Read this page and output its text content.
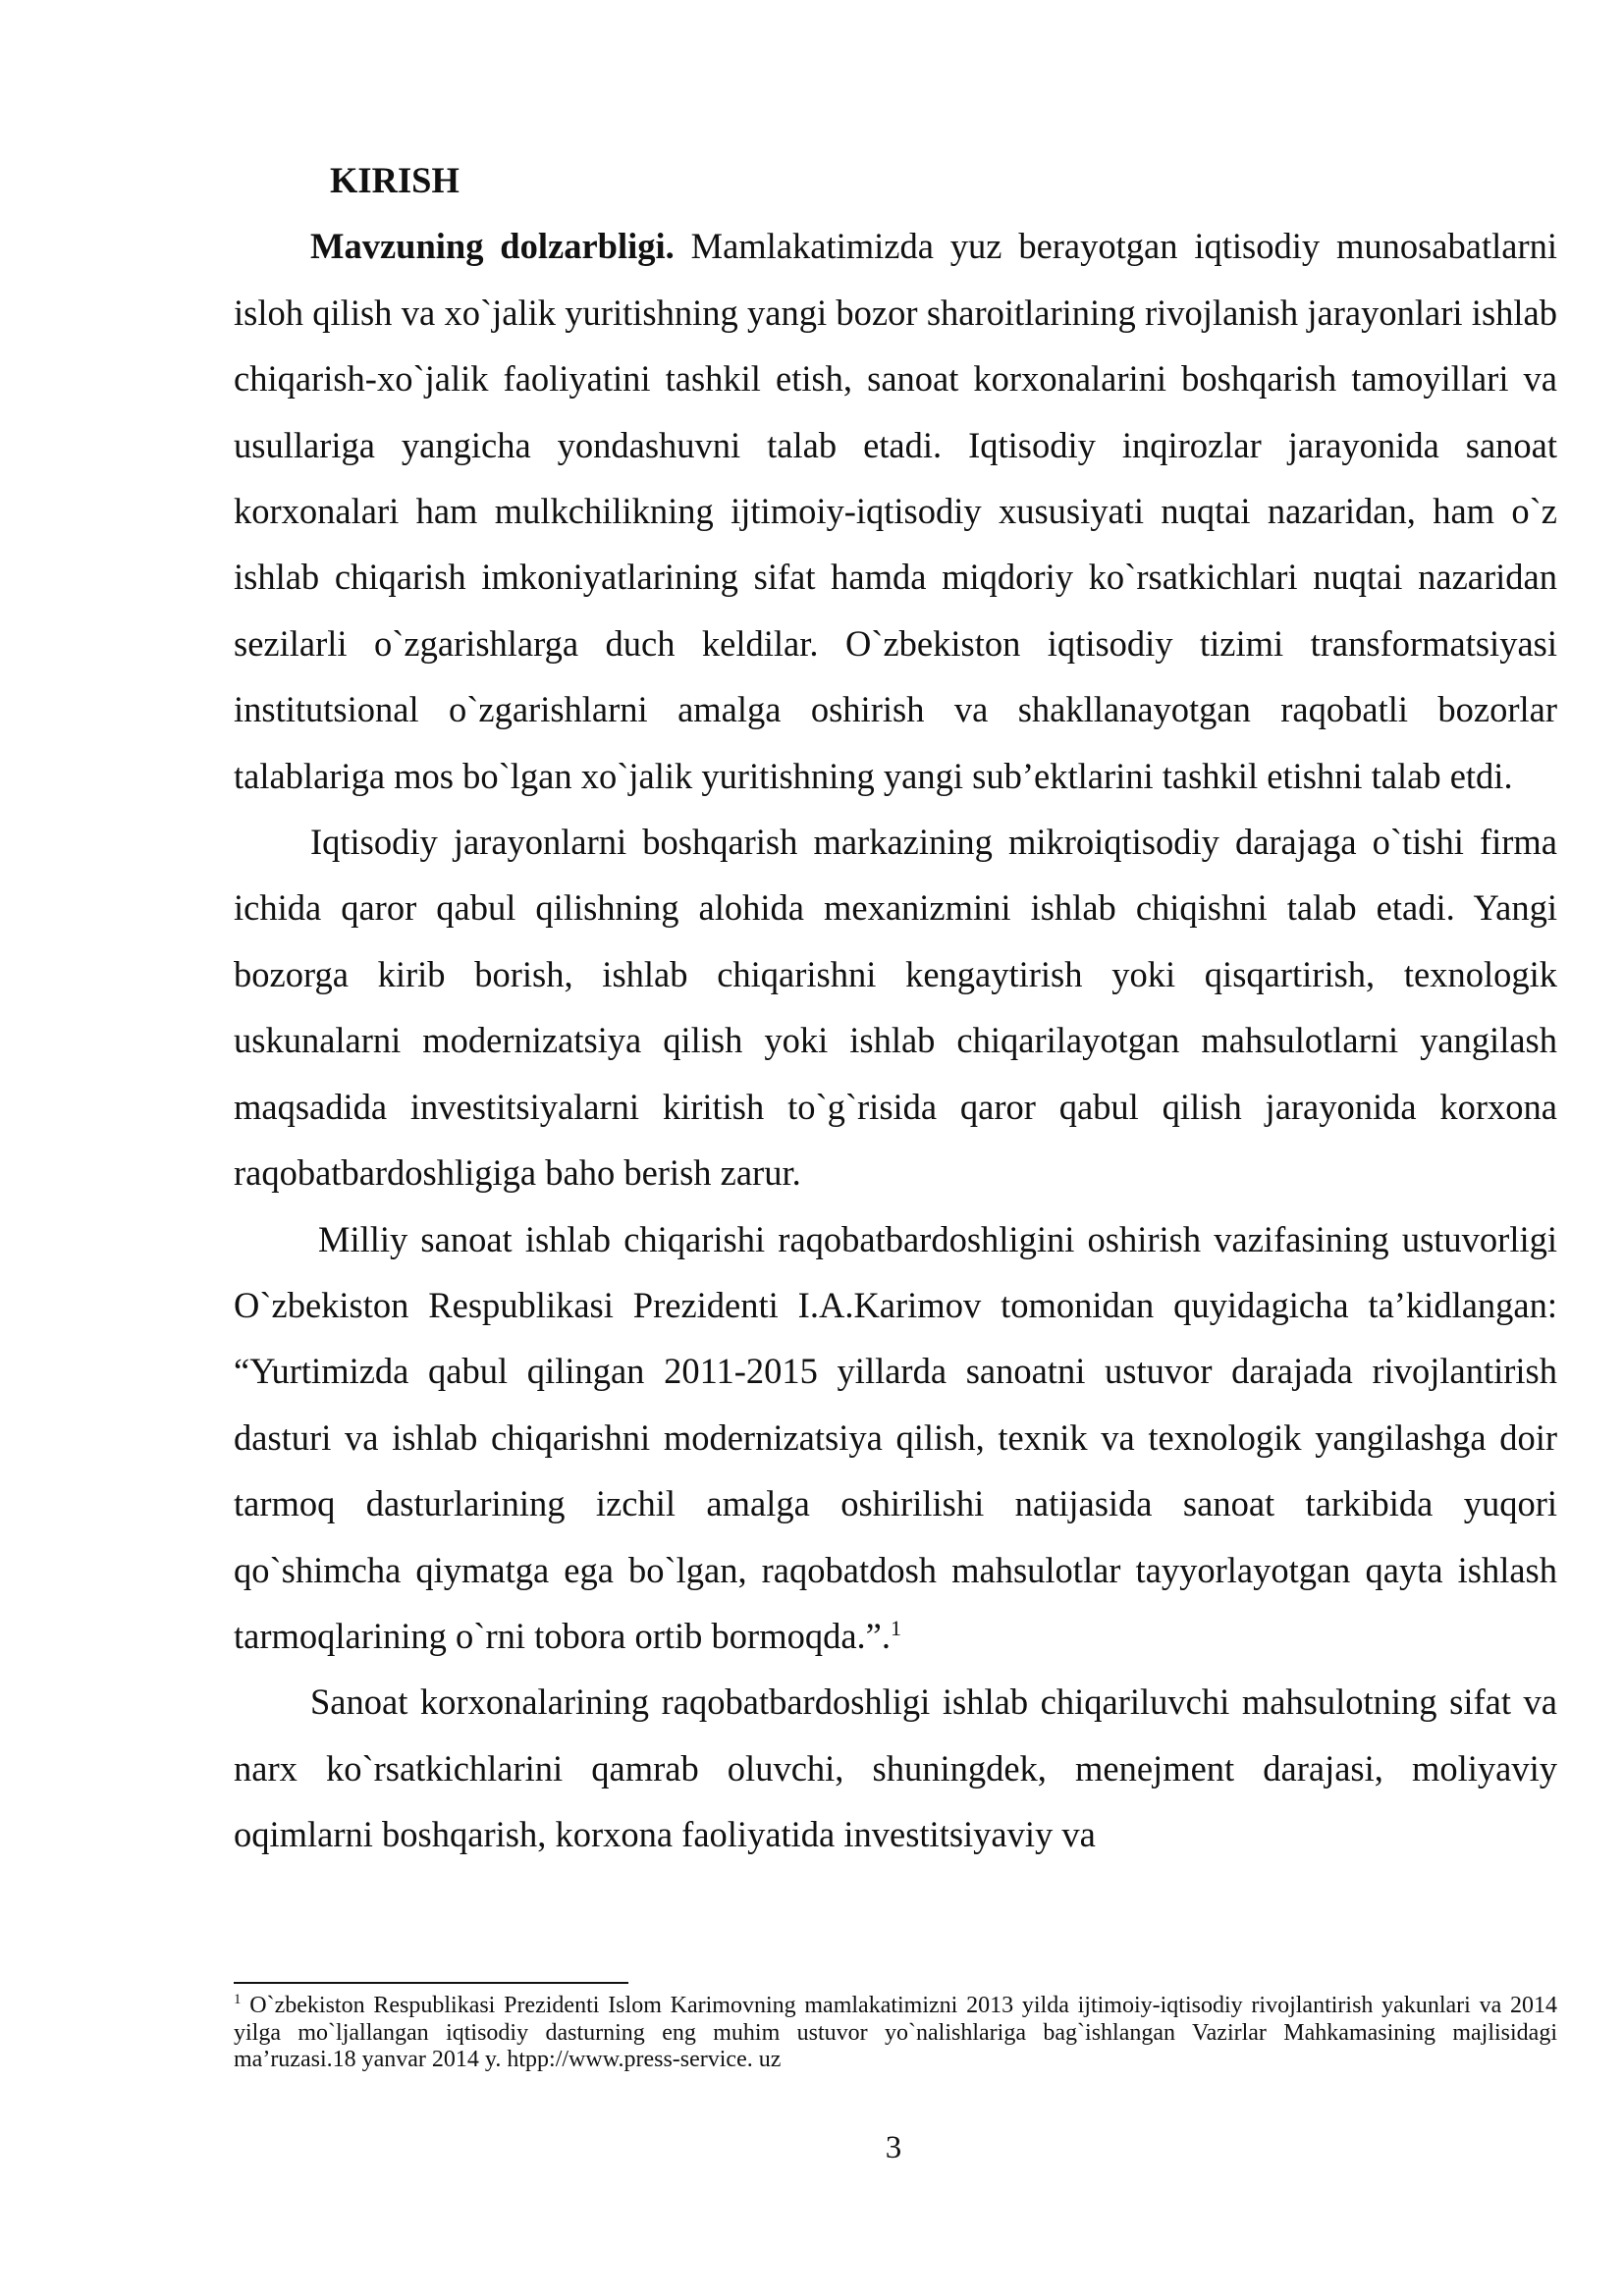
KIRISH

Mavzuning dolzarbligi. Mamlakatimizda yuz berayotgan iqtisodiy munosabatlarni isloh qilish va xo`jalik yuritishning yangi bozor sharoitlarining rivojlanish jarayonlari ishlab chiqarish-xo`jalik faoliyatini tashkil etish, sanoat korxonalarini boshqarish tamoyillari va usullariga yangicha yondashuvni talab etadi. Iqtisodiy inqirozlar jarayonida sanoat korxonalari ham mulkchilikning ijtimoiy-iqtisodiy xususiyati nuqtai nazaridan, ham o`z ishlab chiqarish imkoniyatlarining sifat hamda miqdoriy ko`rsatkichlari nuqtai nazaridan sezilarli o`zgarishlarga duch keldilar. O`zbekiston iqtisodiy tizimi transformatsiyasi institutsional o`zgarishlarni amalga oshirish va shakllanayotgan raqobatli bozorlar talablariga mos bo`lgan xo`jalik yuritishning yangi sub’ektlarini tashkil etishni talab etdi.

Iqtisodiy jarayonlarni boshqarish markazining mikroiqtisodiy darajaga o`tishi firma ichida qaror qabul qilishning alohida mexanizmini ishlab chiqishni talab etadi. Yangi bozorga kirib borish, ishlab chiqarishni kengaytirish yoki qisqartirish, texnologik uskunalarni modernizatsiya qilish yoki ishlab chiqarilayotgan mahsulotlarni yangilash maqsadida investitsiyalarni kiritish to`g`risida qaror qabul qilish jarayonida korxona raqobatbardoshligiga baho berish zarur.

Milliy sanoat ishlab chiqarishi raqobatbardoshligini oshirish vazifasining ustuvorligi O`zbekiston Respublikasi Prezidenti I.A.Karimov tomonidan quyidagicha ta’kidlangan: “Yurtimizda qabul qilingan 2011-2015 yillarda sanoatni ustuvor darajada rivojlantirish dasturi va ishlab chiqarishni modernizatsiya qilish, texnik va texnologik yangilashga doir tarmoq dasturlarining izchil amalga oshirilishi natijasida sanoat tarkibida yuqori qo`shimcha qiymatga ega bo`lgan, raqobatdosh mahsulotlar tayyorlayotgan qayta ishlash tarmoqlarining o`rni tobora ortib bormoqda.”.$^1$

Sanoat korxonalarining raqobatbardoshligi ishlab chiqariluvchi mahsulotning sifat va narx ko`rsatkichlarini qamrab oluvchi, shuningdek, menejment darajasi, moliyaviy oqimlarni boshqarish, korxona faoliyatida investitsiyaviy va

$^1$ O`zbekiston Respublikasi Prezidenti Islom Karimovning mamlakatimizni 2013 yilda ijtimoiy-iqtisodiy rivojlantirish yakunlari va 2014 yilga mo`ljallangan iqtisodiy dasturning eng muhim ustuvor yo`nalishlariga bag`ishlangan Vazirlar Mahkamasining majlisidagi ma’ruzasi.18 yanvar 2014 y. htpp://www.press-service. uz

3
